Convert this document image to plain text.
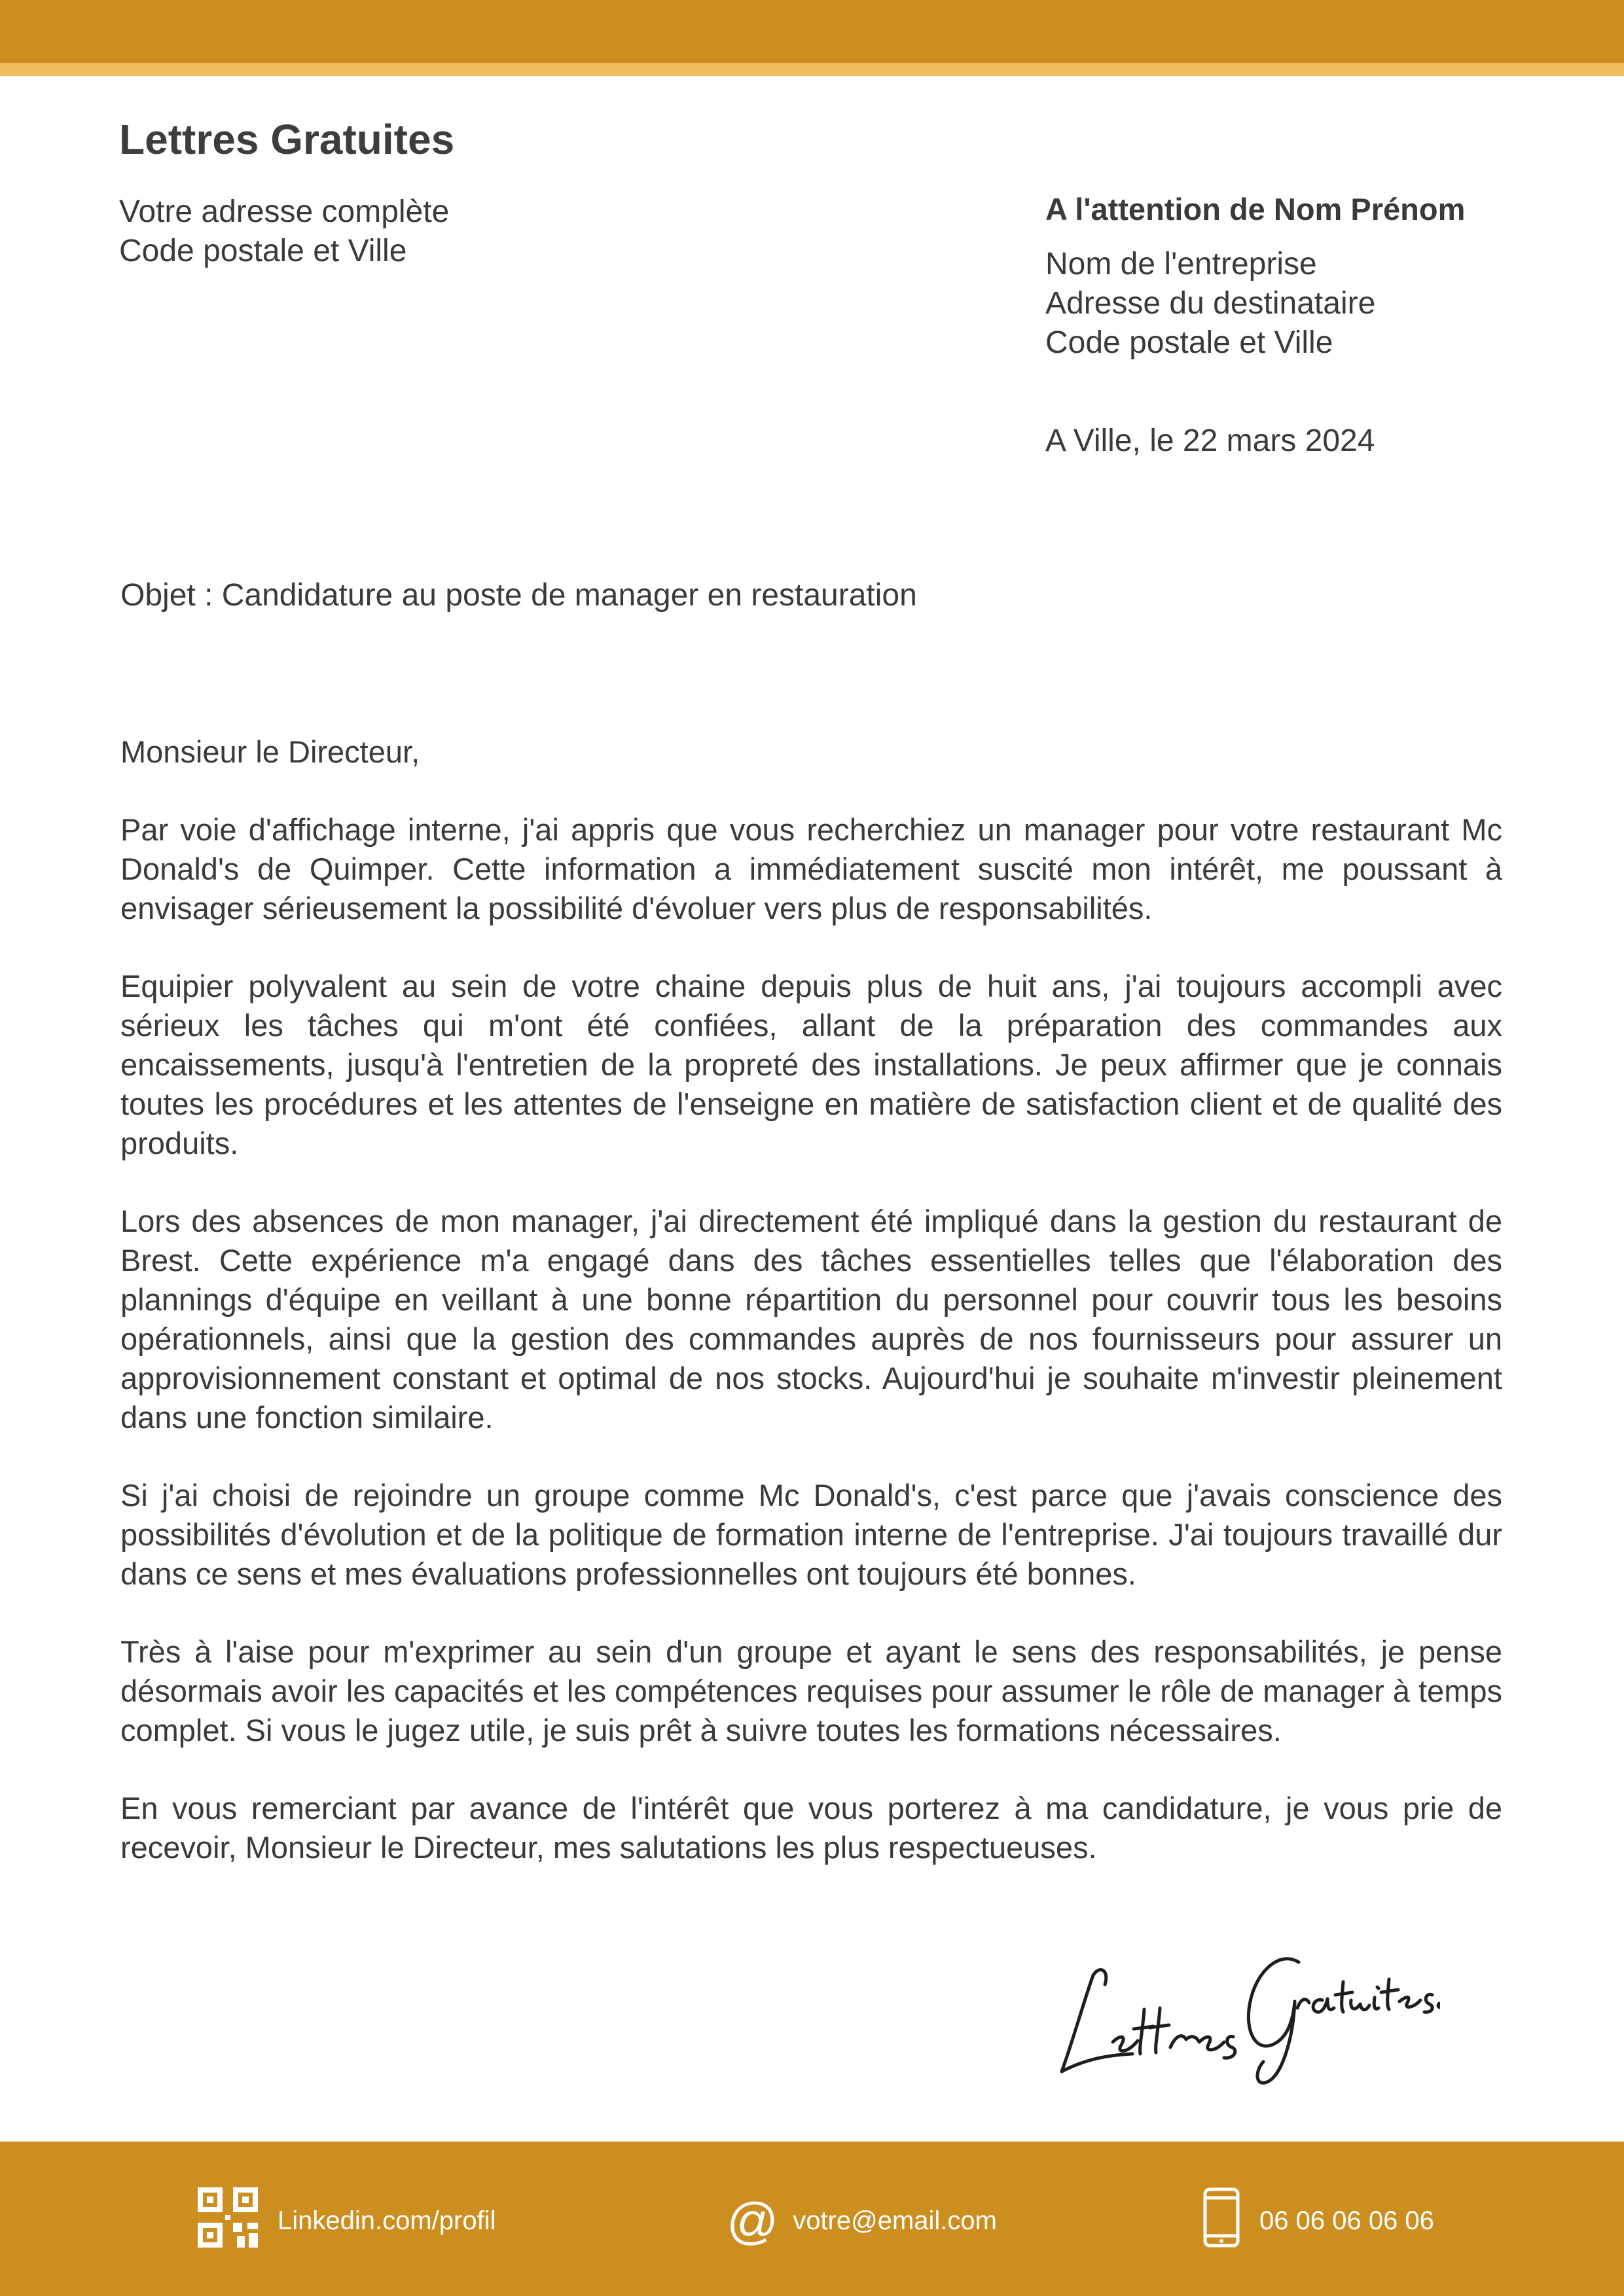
Lettres Gratuites
Votre adresse complète
Code postale et Ville
A l'attention de Nom Prénom
Nom de l'entreprise
Adresse du destinataire
Code postale et Ville
A Ville, le 22 mars 2024
Objet : Candidature au poste de manager en restauration

Monsieur le Directeur,

Par voie d'affichage interne, j'ai appris que vous recherchiez un manager pour votre restaurant Mc Donald's de Quimper. Cette information a immédiatement suscité mon intérêt, me poussant à envisager sérieusement la possibilité d'évoluer vers plus de responsabilités.

Equipier polyvalent au sein de votre chaine depuis plus de huit ans, j'ai toujours accompli avec sérieux les tâches qui m'ont été confiées, allant de la préparation des commandes aux encaissements, jusqu'à l'entretien de la propreté des installations. Je peux affirmer que je connais toutes les procédures et les attentes de l'enseigne en matière de satisfaction client et de qualité des produits.

Lors des absences de mon manager, j'ai directement été impliqué dans la gestion du restaurant de Brest. Cette expérience m'a engagé dans des tâches essentielles telles que l'élaboration des plannings d'équipe en veillant à une bonne répartition du personnel pour couvrir tous les besoins opérationnels, ainsi que la gestion des commandes auprès de nos fournisseurs pour assurer un approvisionnement constant et optimal de nos stocks. Aujourd'hui je souhaite m'investir pleinement dans une fonction similaire.

Si j'ai choisi de rejoindre un groupe comme Mc Donald's, c'est parce que j'avais conscience des possibilités d'évolution et de la politique de formation interne de l'entreprise. J'ai toujours travaillé dur dans ce sens et mes évaluations professionnelles ont toujours été bonnes.

Très à l'aise pour m'exprimer au sein d'un groupe et ayant le sens des responsabilités, je pense désormais avoir les capacités et les compétences requises pour assumer le rôle de manager à temps complet. Si vous le jugez utile, je suis prêt à suivre toutes les formations nécessaires.

En vous remerciant par avance de l'intérêt que vous porterez à ma candidature, je vous prie de recevoir, Monsieur le Directeur, mes salutations les plus respectueuses.

Linkedin.com/profil	@ votre@email.com	06 06 06 06 06
